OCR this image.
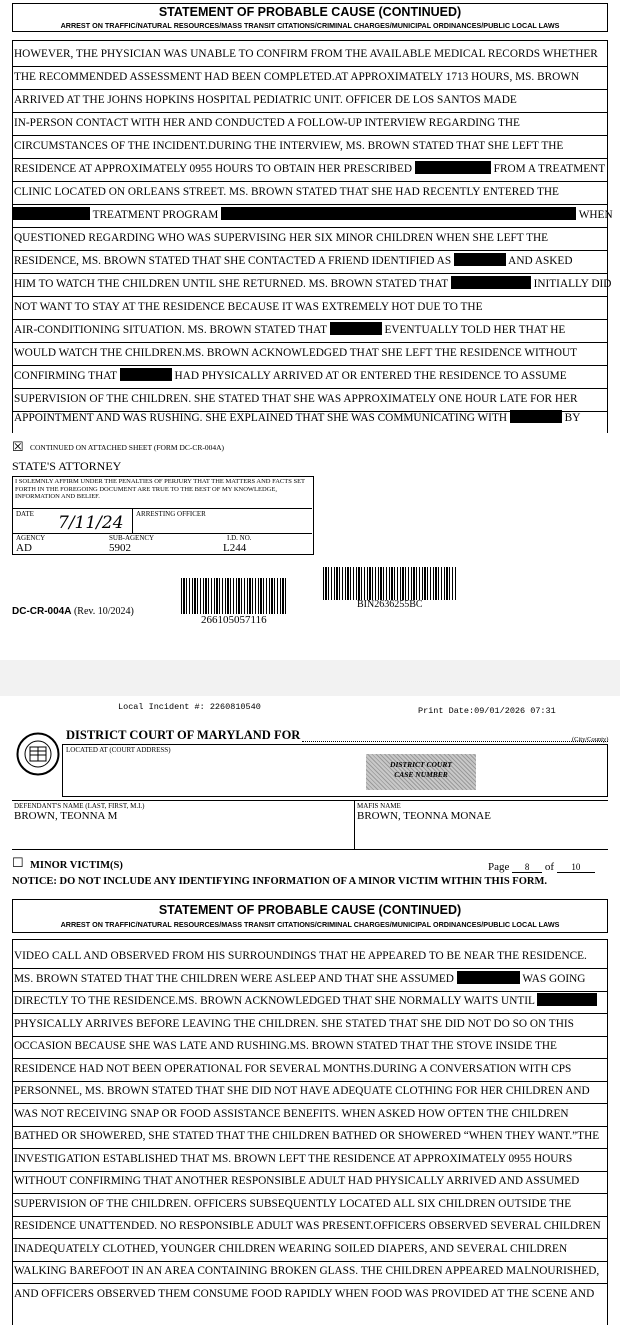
STATEMENT OF PROBABLE CAUSE (CONTINUED)
ARREST ON TRAFFIC/NATURAL RESOURCES/MASS TRANSIT CITATIONS/CRIMINAL CHARGES/MUNICIPAL ORDINANCES/PUBLIC LOCAL LAWS
HOWEVER, THE PHYSICIAN WAS UNABLE TO CONFIRM FROM THE AVAILABLE MEDICAL RECORDS WHETHER
THE RECOMMENDED ASSESSMENT HAD BEEN COMPLETED.AT APPROXIMATELY 1713 HOURS, MS. BROWN
ARRIVED AT THE JOHNS HOPKINS HOSPITAL PEDIATRIC UNIT. OFFICER DE LOS SANTOS MADE
IN-PERSON CONTACT WITH HER AND CONDUCTED A FOLLOW-UP INTERVIEW REGARDING THE
CIRCUMSTANCES OF THE INCIDENT.DURING THE INTERVIEW, MS. BROWN STATED THAT SHE LEFT THE
RESIDENCE AT APPROXIMATELY 0955 HOURS TO OBTAIN HER PRESCRIBED	FROM A TREATMENT
CLINIC LOCATED ON ORLEANS STREET. MS. BROWN STATED THAT SHE HAD RECENTLY ENTERED THE
TREATMENT PROGRAM	WHEN
QUESTIONED REGARDING WHO WAS SUPERVISING HER SIX MINOR CHILDREN WHEN SHE LEFT THE
RESIDENCE, MS. BROWN STATED THAT SHE CONTACTED A FRIEND IDENTIFIED AS	AND ASKED
HIM TO WATCH THE CHILDREN UNTIL SHE RETURNED. MS. BROWN STATED THAT	INITIALLY DID
NOT WANT TO STAY AT THE RESIDENCE BECAUSE IT WAS EXTREMELY HOT DUE TO THE
AIR-CONDITIONING SITUATION. MS. BROWN STATED THAT	EVENTUALLY TOLD HER THAT HE
WOULD WATCH THE CHILDREN.MS. BROWN ACKNOWLEDGED THAT SHE LEFT THE RESIDENCE WITHOUT
CONFIRMING THAT	HAD PHYSICALLY ARRIVED AT OR ENTERED THE RESIDENCE TO ASSUME
SUPERVISION OF THE CHILDREN. SHE STATED THAT SHE WAS APPROXIMATELY ONE HOUR LATE FOR HER
APPOINTMENT AND WAS RUSHING. SHE EXPLAINED THAT SHE WAS COMMUNICATING WITH	BY
☒ CONTINUED ON ATTACHED SHEET (FORM DC-CR-004A)
STATE'S ATTORNEY
I SOLEMNLY AFFIRM UNDER THE PENALTIES OF PERJURY THAT THE MATTERS AND FACTS SET FORTH IN THE FOREGOING DOCUMENT ARE TRUE TO THE BEST OF MY KNOWLEDGE, INFORMATION AND BELIEF.
DATE 7/11/24 ARRESTING OFFICER
AGENCY
AD
SUB-AGENCY
5902
I.D. NO.
L244
BIN2636255BC
DC-CR-004A (Rev. 10/2024)
266105057116
Local Incident #: 2260810540	Print Date:09/01/2026 07:31
DISTRICT COURT OF MARYLAND FOR	(City/County)
LOCATED AT (COURT ADDRESS)
DISTRICT COURT
CASE NUMBER
DEFENDANT'S NAME (LAST, FIRST, M.I.)
BROWN, TEONNA M
MAFIS NAME
BROWN, TEONNA MONAE
☐ MINOR VICTIM(S)	Page 8 of 10
NOTICE: DO NOT INCLUDE ANY IDENTIFYING INFORMATION OF A MINOR VICTIM WITHIN THIS FORM.
STATEMENT OF PROBABLE CAUSE (CONTINUED)
ARREST ON TRAFFIC/NATURAL RESOURCES/MASS TRANSIT CITATIONS/CRIMINAL CHARGES/MUNICIPAL ORDINANCES/PUBLIC LOCAL LAWS
VIDEO CALL AND OBSERVED FROM HIS SURROUNDINGS THAT HE APPEARED TO BE NEAR THE RESIDENCE.
MS. BROWN STATED THAT THE CHILDREN WERE ASLEEP AND THAT SHE ASSUMED	WAS GOING
DIRECTLY TO THE RESIDENCE.MS. BROWN ACKNOWLEDGED THAT SHE NORMALLY WAITS UNTIL
PHYSICALLY ARRIVES BEFORE LEAVING THE CHILDREN. SHE STATED THAT SHE DID NOT DO SO ON THIS
OCCASION BECAUSE SHE WAS LATE AND RUSHING.MS. BROWN STATED THAT THE STOVE INSIDE THE
RESIDENCE HAD NOT BEEN OPERATIONAL FOR SEVERAL MONTHS.DURING A CONVERSATION WITH CPS
PERSONNEL, MS. BROWN STATED THAT SHE DID NOT HAVE ADEQUATE CLOTHING FOR HER CHILDREN AND
WAS NOT RECEIVING SNAP OR FOOD ASSISTANCE BENEFITS. WHEN ASKED HOW OFTEN THE CHILDREN
BATHED OR SHOWERED, SHE STATED THAT THE CHILDREN BATHED OR SHOWERED “WHEN THEY WANT.”THE
INVESTIGATION ESTABLISHED THAT MS. BROWN LEFT THE RESIDENCE AT APPROXIMATELY 0955 HOURS
WITHOUT CONFIRMING THAT ANOTHER RESPONSIBLE ADULT HAD PHYSICALLY ARRIVED AND ASSUMED
SUPERVISION OF THE CHILDREN. OFFICERS SUBSEQUENTLY LOCATED ALL SIX CHILDREN OUTSIDE THE
RESIDENCE UNATTENDED. NO RESPONSIBLE ADULT WAS PRESENT.OFFICERS OBSERVED SEVERAL CHILDREN
INADEQUATELY CLOTHED, YOUNGER CHILDREN WEARING SOILED DIAPERS, AND SEVERAL CHILDREN
WALKING BAREFOOT IN AN AREA CONTAINING BROKEN GLASS. THE CHILDREN APPEARED MALNOURISHED,
AND OFFICERS OBSERVED THEM CONSUME FOOD RAPIDLY WHEN FOOD WAS PROVIDED AT THE SCENE AND
